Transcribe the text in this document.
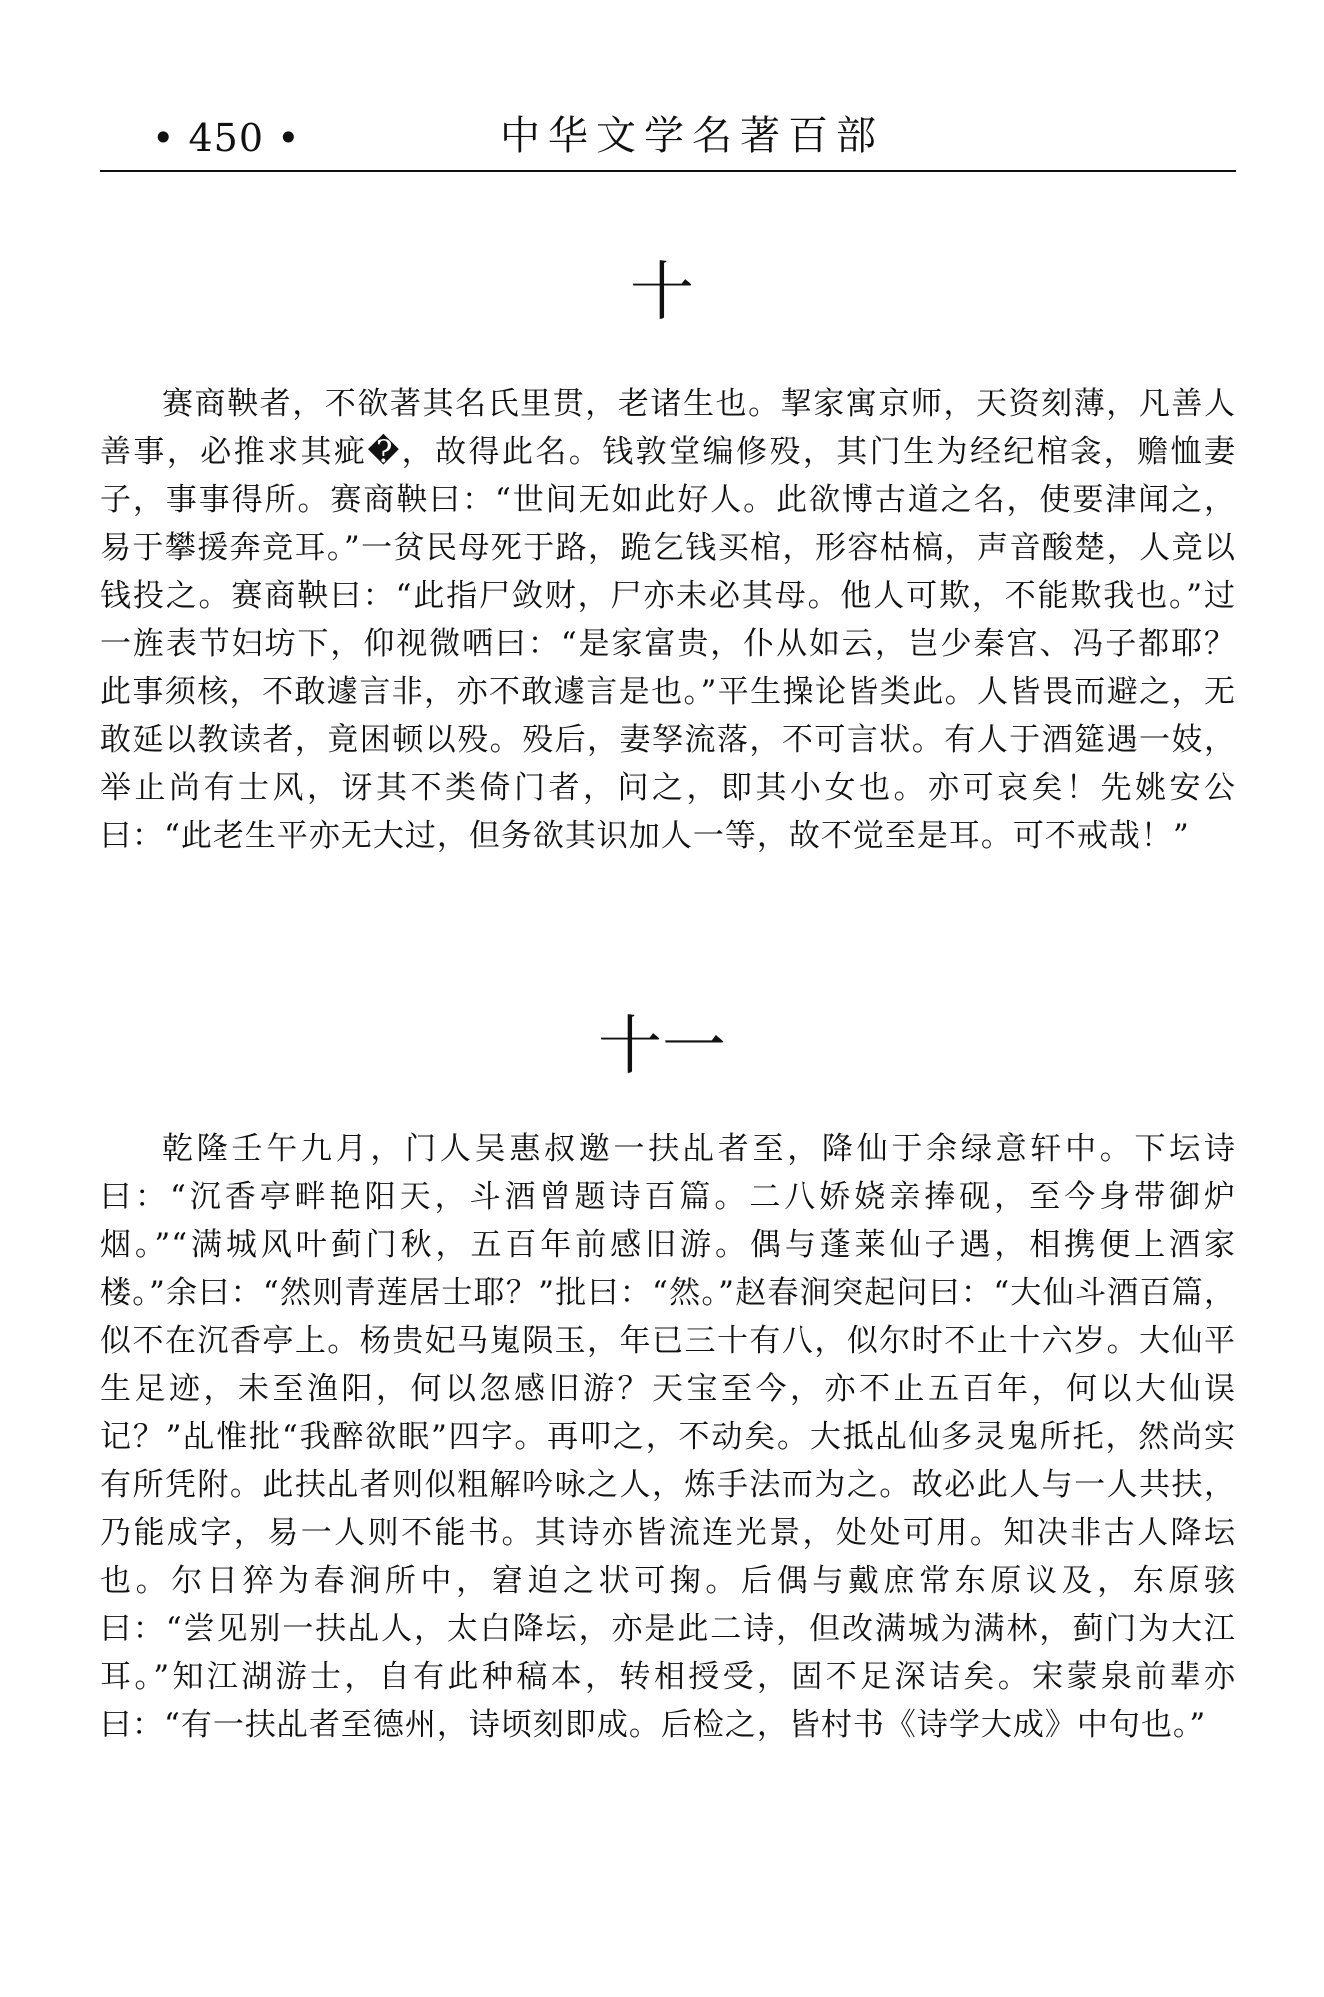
• 450 •	中华文学名著百部
十

赛商鞅者，不欲著其名氏里贯，老诸生也。挈家寓京师，天资刻薄，凡善人善事，必推求其疵�，故得此名。钱敦堂编修殁，其门生为经纪棺衾，赡恤妻子，事事得所。赛商鞅曰：“世间无如此好人。此欲博古道之名，使要津闻之，易于攀援奔竞耳。”一贫民母死于路，跪乞钱买棺，形容枯槁，声音酸楚，人竞以钱投之。赛商鞅曰：“此指尸敛财，尸亦未必其母。他人可欺，不能欺我也。”过一旌表节妇坊下，仰视微哂曰：“是家富贵，仆从如云，岂少秦宫、冯子都耶？此事须核，不敢遽言非，亦不敢遽言是也。”平生操论皆类此。人皆畏而避之，无敢延以教读者，竟困顿以殁。殁后，妻孥流落，不可言状。有人于酒筵遇一妓，举止尚有士风，讶其不类倚门者，问之，即其小女也。亦可哀矣！先姚安公曰：“此老生平亦无大过，但务欲其识加人一等，故不觉至是耳。可不戒哉！”

十一

乾隆壬午九月，门人吴惠叔邀一扶乩者至，降仙于余绿意轩中。下坛诗曰：“沉香亭畔艳阳天，斗酒曾题诗百篇。二八娇娆亲捧砚，至今身带御炉烟。”“满城风叶蓟门秋，五百年前感旧游。偶与蓬莱仙子遇，相携便上酒家楼。”余曰：“然则青莲居士耶？”批曰：“然。”赵春涧突起问曰：“大仙斗酒百篇，似不在沉香亭上。杨贵妃马嵬陨玉，年已三十有八，似尔时不止十六岁。大仙平生足迹，未至渔阳，何以忽感旧游？天宝至今，亦不止五百年，何以大仙误记？”乩惟批“我醉欲眠”四字。再叩之，不动矣。大抵乩仙多灵鬼所托，然尚实有所凭附。此扶乩者则似粗解吟咏之人，炼手法而为之。故必此人与一人共扶，乃能成字，易一人则不能书。其诗亦皆流连光景，处处可用。知决非古人降坛也。尔日猝为春涧所中，窘迫之状可掬。后偶与戴庶常东原议及，东原骇曰：“尝见别一扶乩人，太白降坛，亦是此二诗，但改满城为满林，蓟门为大江耳。”知江湖游士，自有此种稿本，转相授受，固不足深诘矣。宋蒙泉前辈亦曰：“有一扶乩者至德州，诗顷刻即成。后检之，皆村书《诗学大成》中句也。”
